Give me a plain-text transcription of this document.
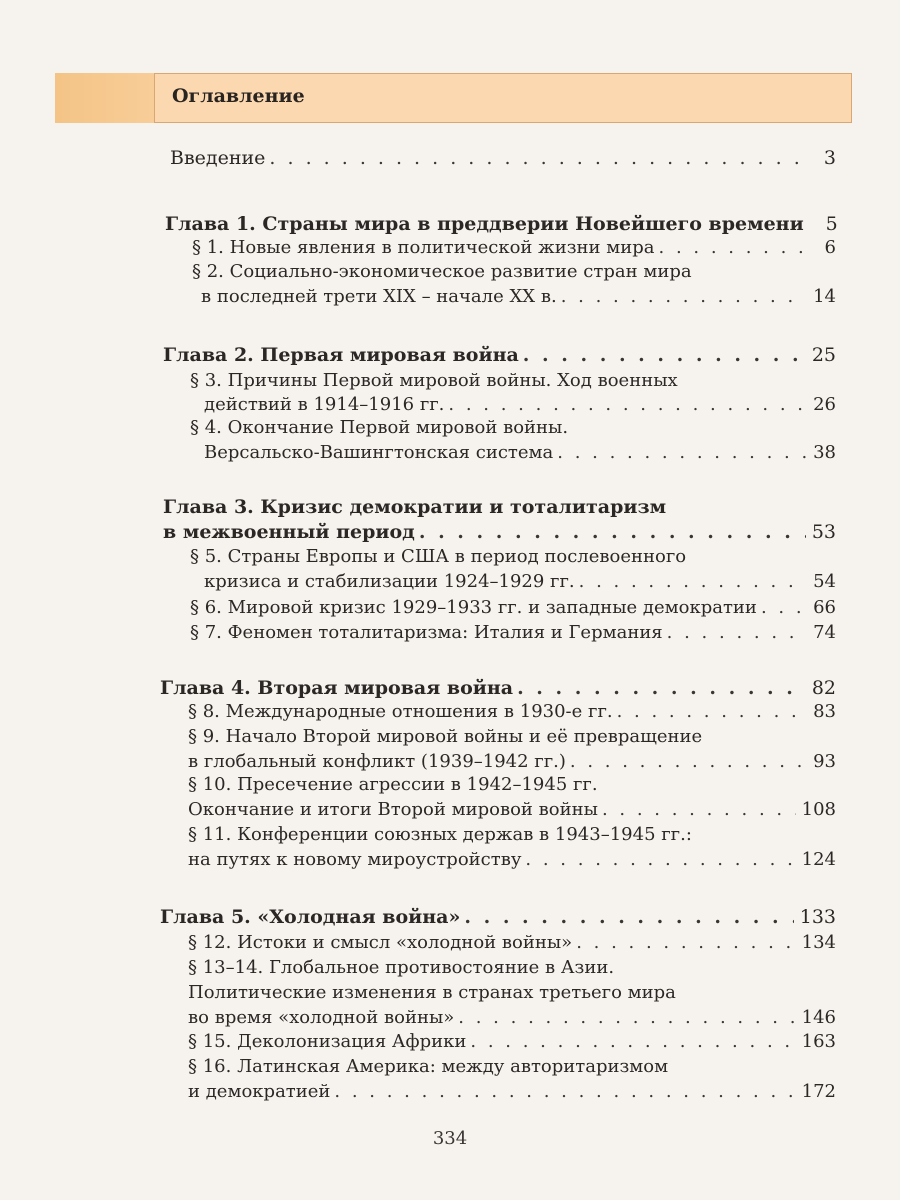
Оглавление
Введение . . .	3
Глава 1. Страны мира в преддверии Новейшего времени	5
§ 1. Новые явления в политической жизни мира . . .	6
§ 2. Социально-экономическое развитие стран мира
в последней трети XIX – начале XX в. . . .	14
Глава 2. Первая мировая война . . .	25
§ 3. Причины Первой мировой войны. Ход военных
действий в 1914–1916 гг. . . .	26
§ 4. Окончание Первой мировой войны.
Версальско-Вашингтонская система . . .	38
Глава 3. Кризис демократии и тоталитаризм
в межвоенный период . . .	53
§ 5. Страны Европы и США в период послевоенного
кризиса и стабилизации 1924–1929 гг. . . .	54
§ 6. Мировой кризис 1929–1933 гг. и западные демократии . . .	66
§ 7. Феномен тоталитаризма: Италия и Германия . . .	74
Глава 4. Вторая мировая война . . .	82
§ 8. Международные отношения в 1930-е гг. . . .	83
§ 9. Начало Второй мировой войны и её превращение
в глобальный конфликт (1939–1942 гг.) . . .	93
§ 10. Пресечение агрессии в 1942–1945 гг.
Окончание и итоги Второй мировой войны . . .	108
§ 11. Конференции союзных держав в 1943–1945 гг.:
на путях к новому мироустройству . . .	124
Глава 5. «Холодная война» . . .	133
§ 12. Истоки и смысл «холодной войны» . . .	134
§ 13–14. Глобальное противостояние в Азии.
Политические изменения в странах третьего мира
во время «холодной войны» . . .	146
§ 15. Деколонизация Африки . . .	163
§ 16. Латинская Америка: между авторитаризмом
и демократией . . .	172
334
